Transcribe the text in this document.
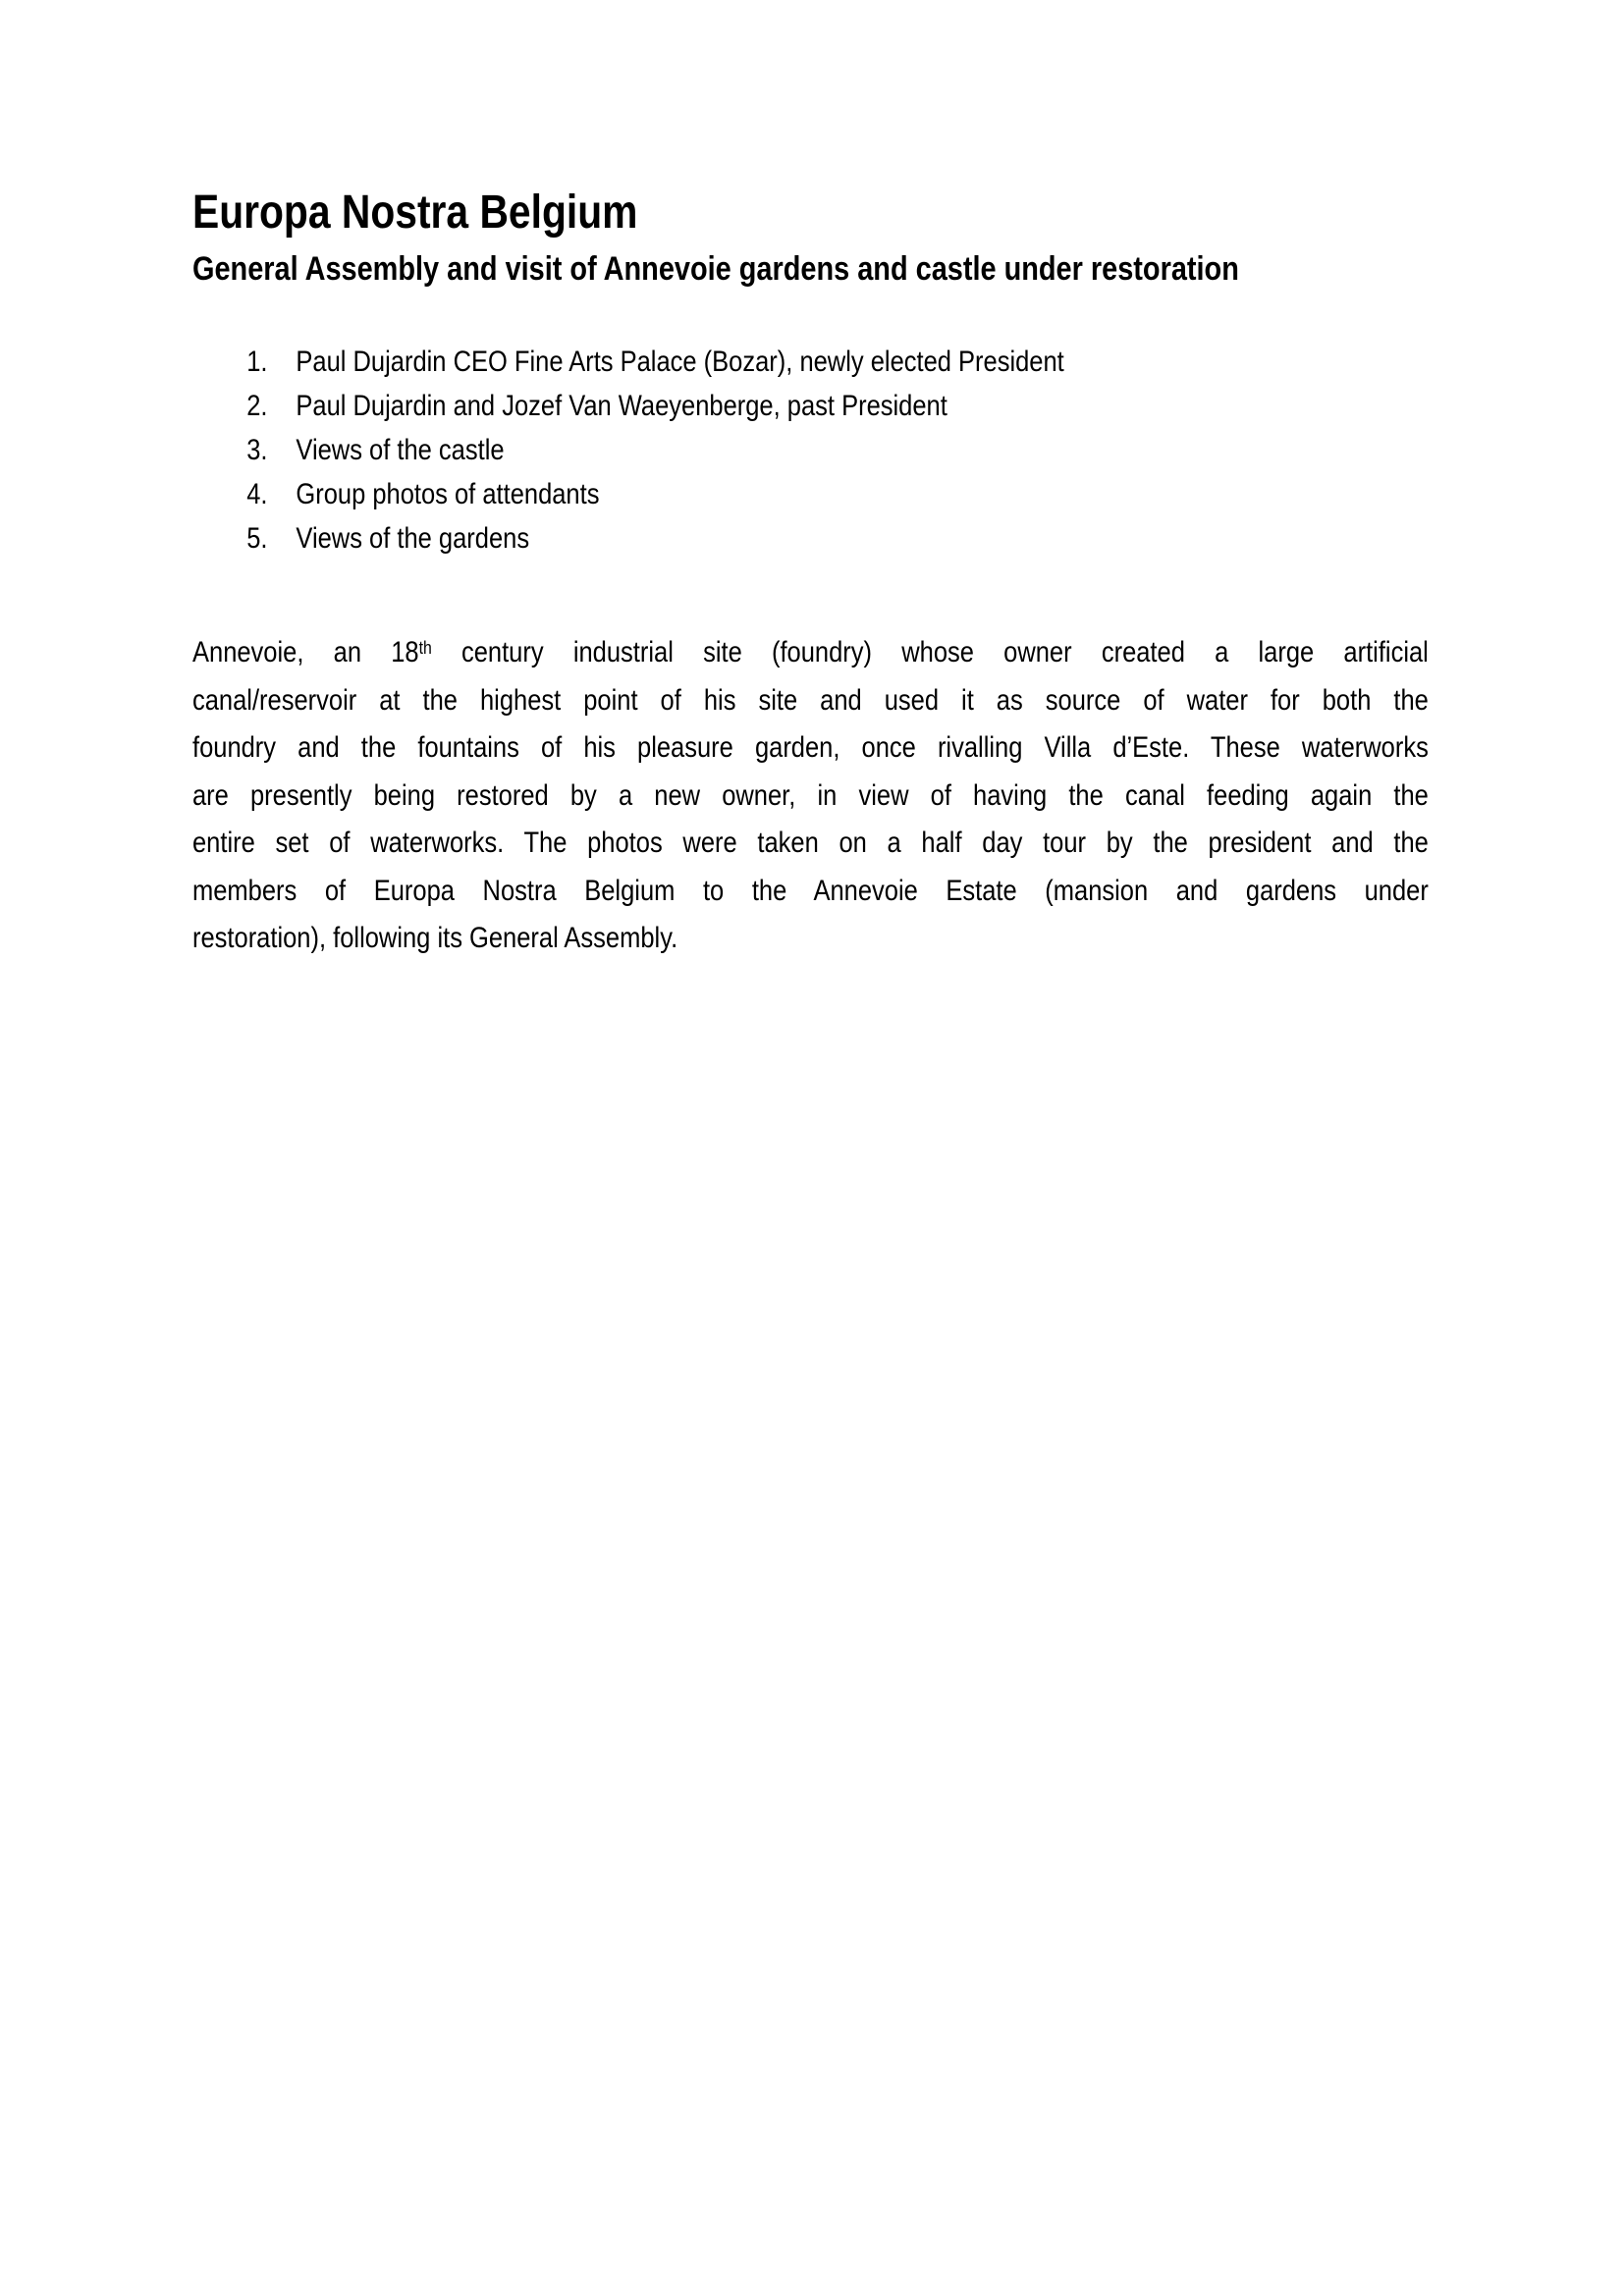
Europa Nostra Belgium
General Assembly and visit of Annevoie gardens and castle under restoration
1. Paul Dujardin CEO Fine Arts Palace (Bozar), newly elected President
2. Paul Dujardin and Jozef Van Waeyenberge, past President
3. Views of the castle
4. Group photos of attendants
5. Views of the gardens
Annevoie, an 18th century industrial site (foundry) whose owner created a large artificial
canal/reservoir at the highest point of his site and used it as source of water for both the
foundry and the fountains of his pleasure garden, once rivalling Villa d’Este. These waterworks
are presently being restored by a new owner, in view of having the canal feeding again the
entire set of waterworks. The photos were taken on a half day tour by the president and the
members of Europa Nostra Belgium to the Annevoie Estate (mansion and gardens under
restoration), following its General Assembly.
